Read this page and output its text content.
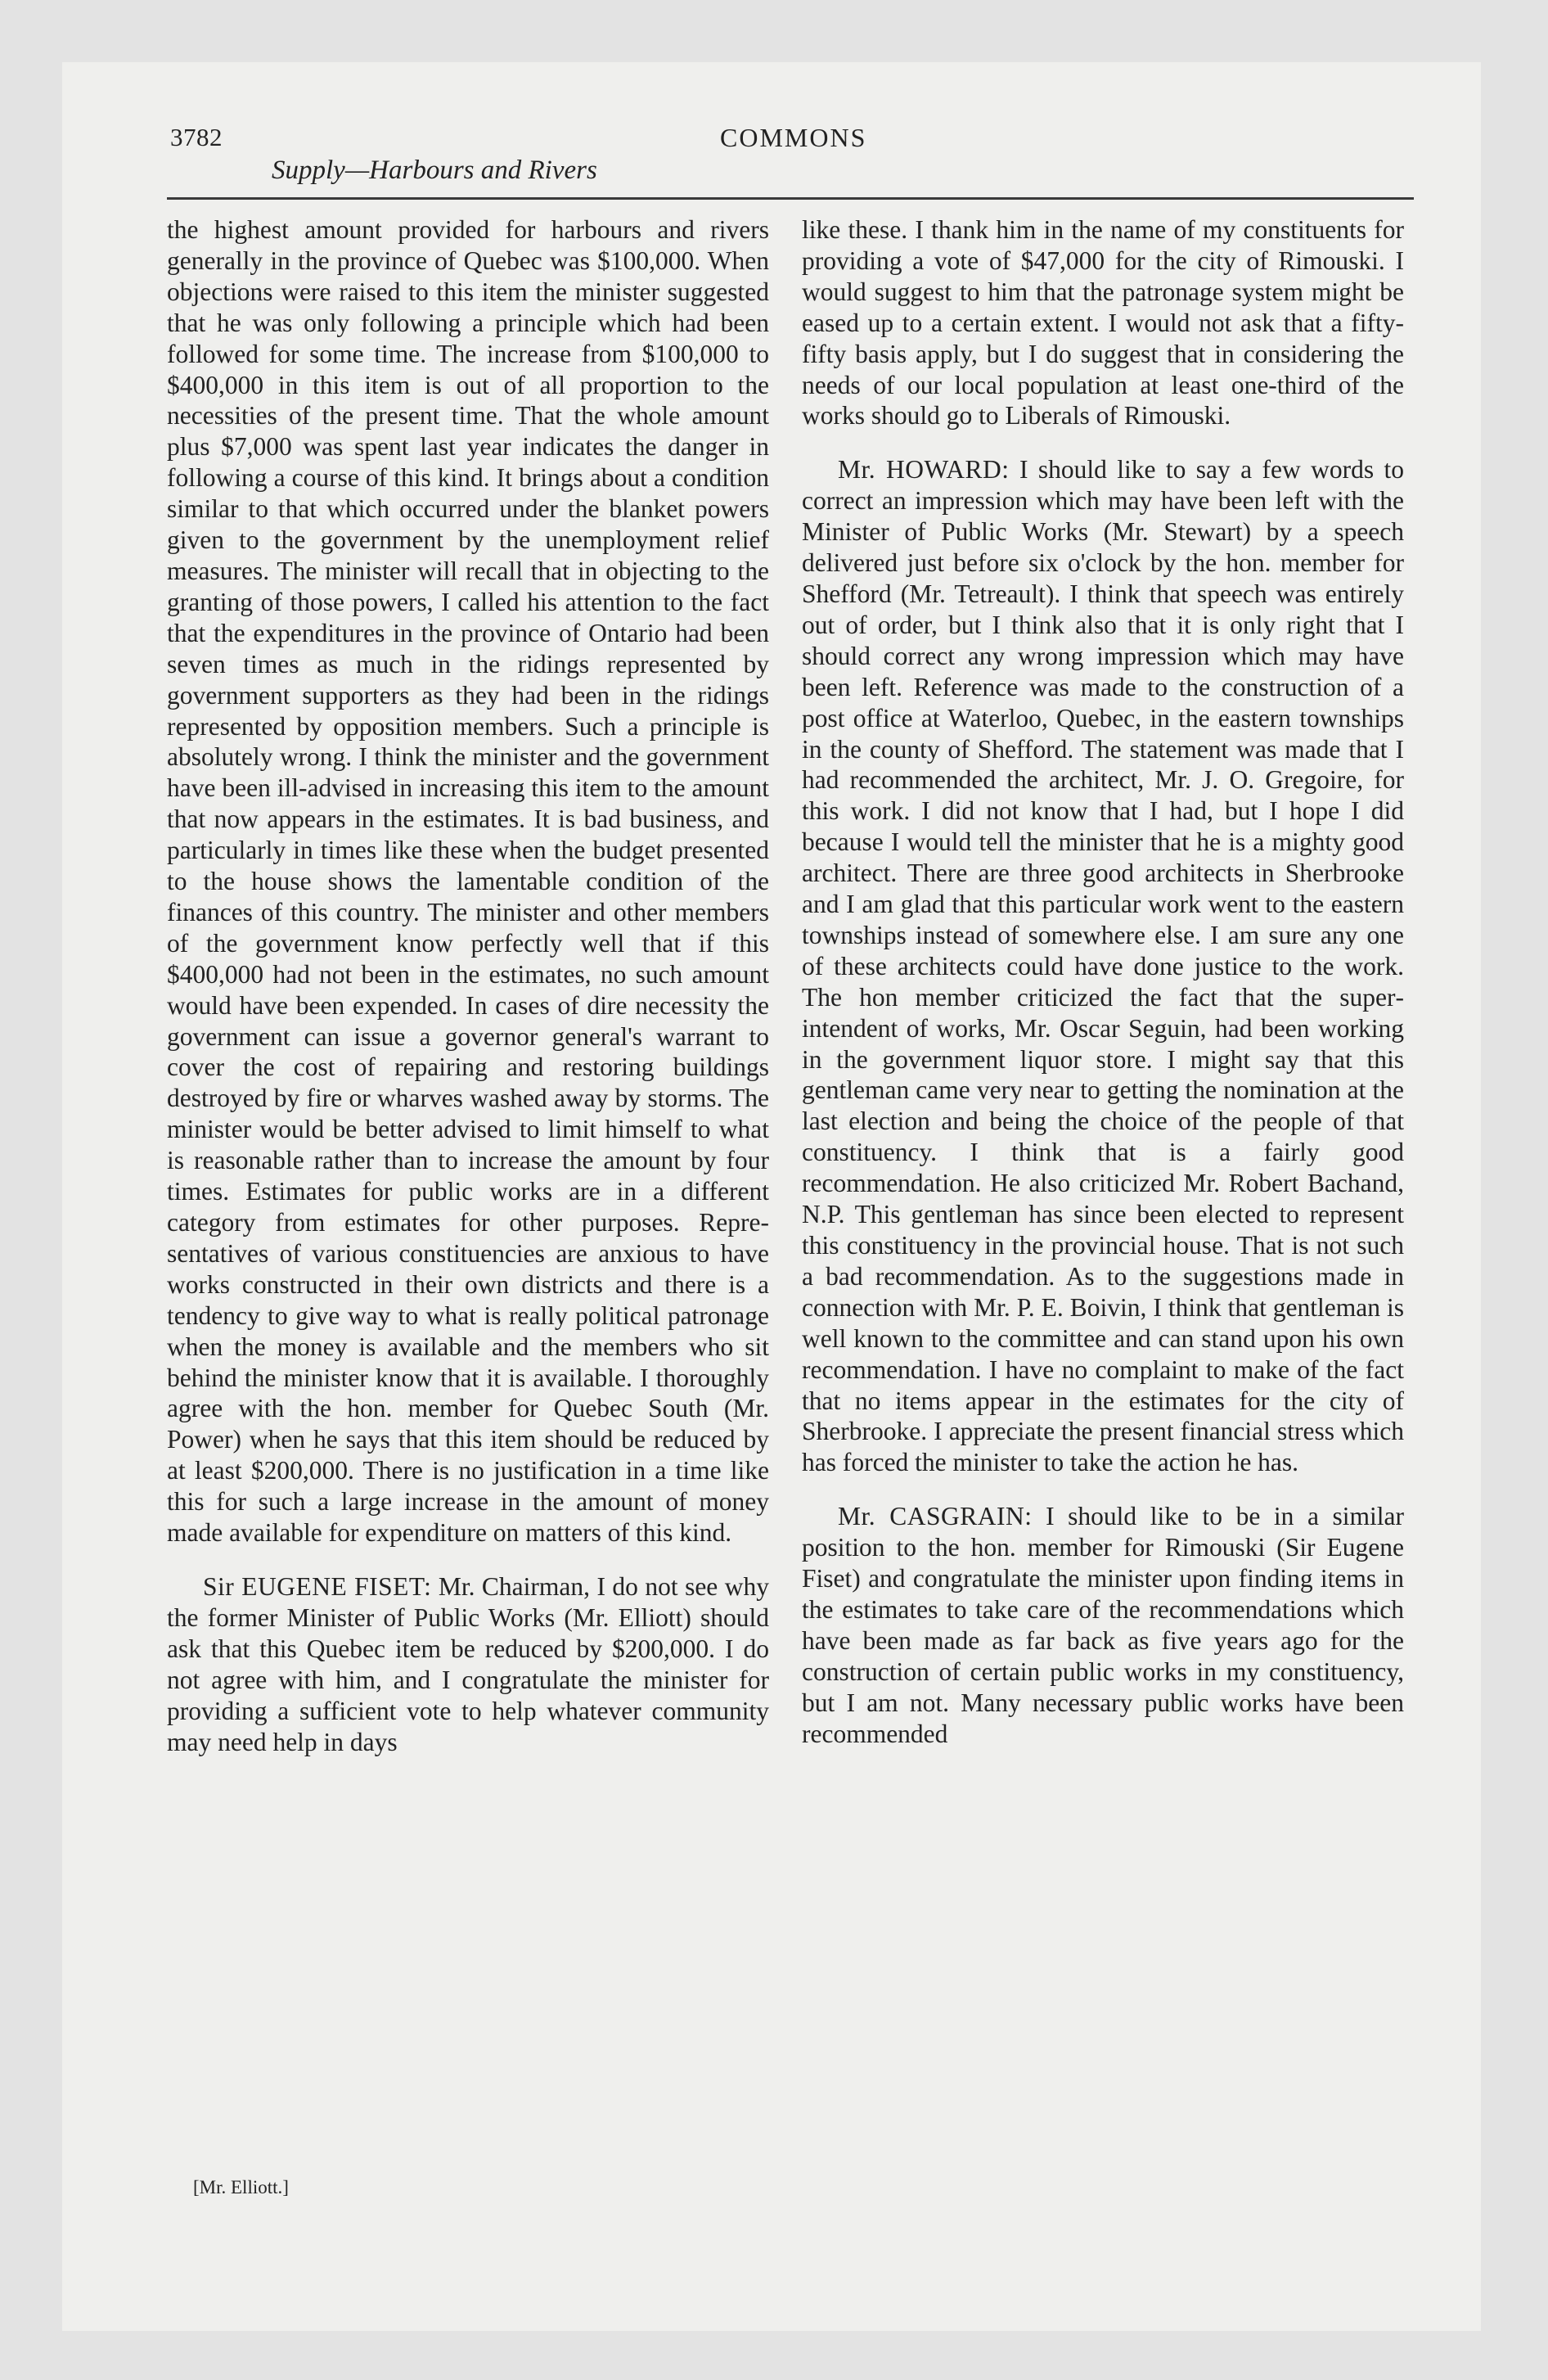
3782	COMMONS
Supply—Harbours and Rivers

the highest amount provided for harbours and rivers generally in the province of Quebec was $100,000. When objections were raised to this item the minister suggested that he was only following a principle which had been followed for some time. The increase from $100,000 to $400,000 in this item is out of all proportion to the necessities of the present time. That the whole amount plus $7,000 was spent last year indicates the danger in following a course of this kind. It brings about a condition similar to that which occurred under the blanket powers given to the government by the unemployment relief measures. The minister will recall that in objecting to the granting of those powers, I called his attention to the fact that the expenditures in the province of Ontario had been seven times as much in the ridings represented by government supporters as they had been in the ridings represented by opposition members. Such a principle is absolutely wrong. I think the minister and the government have been ill-advised in increasing this item to the amount that now appears in the estimates. It is bad business, and particularly in times like these when the budget presented to the house shows the lamentable condition of the finances of this country. The minister and other members of the government know perfectly well that if this $400,000 had not been in the estimates, no such amount would have been expended. In cases of dire necessity the government can issue a governor general's warrant to cover the cost of repairing and restoring buildings destroyed by fire or wharves washed away by storms. The minister would be better advised to limit himself to what is reasonable rather than to increase the amount by four times. Estimates for public works are in a different category from estimates for other purposes. Representatives of various constituencies are anxious to have works constructed in their own districts and there is a tendency to give way to what is really political patronage when the money is available and the members who sit behind the minister know that it is available. I thoroughly agree with the hon. member for Quebec South (Mr. Power) when he says that this item should be reduced by at least $200,000. There is no justification in a time like this for such a large increase in the amount of money made available for expenditure on matters of this kind.

Sir EUGENE FISET: Mr. Chairman, I do not see why the former Minister of Public Works (Mr. Elliott) should ask that this Quebec item be reduced by $200,000. I do not agree with him, and I congratulate the minister for providing a sufficient vote to help whatever community may need help in days

[Mr. Elliott.]

like these. I thank him in the name of my constituents for providing a vote of $47,000 for the city of Rimouski. I would suggest to him that the patronage system might be eased up to a certain extent. I would not ask that a fifty-fifty basis apply, but I do suggest that in considering the needs of our local population at least one-third of the works should go to Liberals of Rimouski.

Mr. HOWARD: I should like to say a few words to correct an impression which may have been left with the Minister of Public Works (Mr. Stewart) by a speech delivered just before six o'clock by the hon. member for Shefford (Mr. Tetreault). I think that speech was entirely out of order, but I think also that it is only right that I should correct any wrong impression which may have been left. Reference was made to the construction of a post office at Waterloo, Quebec, in the eastern townships in the county of Shefford. The statement was made that I had recommended the architect, Mr. J. O. Gregoire, for this work. I did not know that I had, but I hope I did because I would tell the minister that he is a mighty good architect. There are three good architects in Sherbrooke and I am glad that this particular work went to the eastern townships instead of somewhere else. I am sure any one of these architects could have done justice to the work. The hon member criticized the fact that the superintendent of works, Mr. Oscar Seguin, had been working in the government liquor store. I might say that this gentleman came very near to getting the nomination at the last election and being the choice of the people of that constituency. I think that is a fairly good recommendation. He also criticized Mr. Robert Bachand, N.P. This gentleman has since been elected to represent this constituency in the provincial house. That is not such a bad recommendation. As to the suggestions made in connection with Mr. P. E. Boivin, I think that gentleman is well known to the committee and can stand upon his own recommendation. I have no complaint to make of the fact that no items appear in the estimates for the city of Sherbrooke. I appreciate the present financial stress which has forced the minister to take the action he has.

Mr. CASGRAIN: I should like to be in a similar position to the hon. member for Rimouski (Sir Eugene Fiset) and congratulate the minister upon finding items in the estimates to take care of the recommendations which have been made as far back as five years ago for the construction of certain public works in my constituency, but I am not. Many necessary public works have been recommended
